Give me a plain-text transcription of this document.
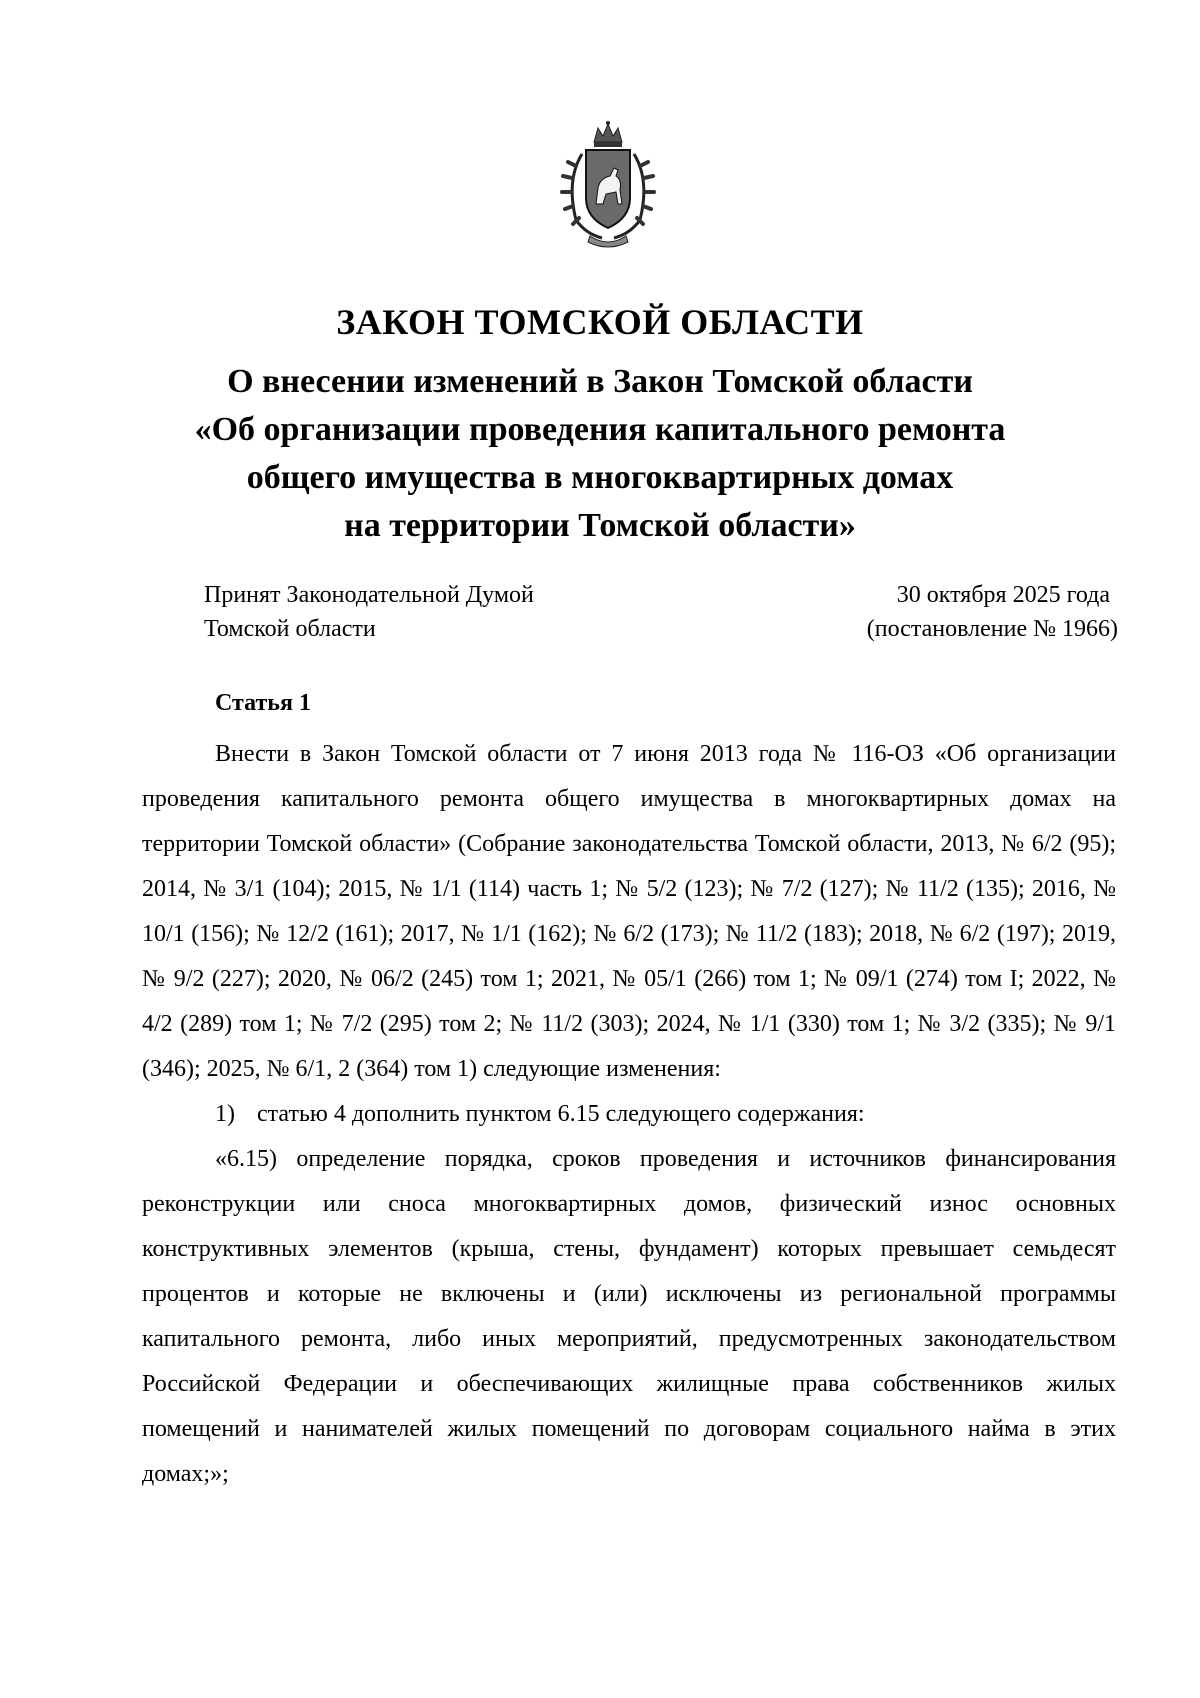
ЗАКОН ТОМСКОЙ ОБЛАСТИ
О внесении изменений в Закон Томской области
«Об организации проведения капитального ремонта
общего имущества в многоквартирных домах
на территории Томской области»
Принят Законодательной Думой
Томской области
30 октября 2025 года
(постановление № 1966)
Статья 1

Внести в Закон Томской области от 7 июня 2013 года № 116-ОЗ «Об организации проведения капитального ремонта общего имущества в многоквартирных домах на территории Томской области» (Собрание законодательства Томской области, 2013, № 6/2 (95); 2014, № 3/1 (104); 2015, № 1/1 (114) часть 1; № 5/2 (123); № 7/2 (127); № 11/2 (135); 2016, № 10/1 (156); № 12/2 (161); 2017, № 1/1 (162); № 6/2 (173); № 11/2 (183); 2018, № 6/2 (197); 2019, № 9/2 (227); 2020, № 06/2 (245) том 1; 2021, № 05/1 (266) том 1; № 09/1 (274) том I; 2022, № 4/2 (289) том 1; № 7/2 (295) том 2; № 11/2 (303); 2024, № 1/1 (330) том 1; № 3/2 (335); № 9/1 (346); 2025, № 6/1, 2 (364) том 1) следующие изменения:

1) статью 4 дополнить пунктом 6.15 следующего содержания:

«6.15) определение порядка, сроков проведения и источников финансирования реконструкции или сноса многоквартирных домов, физический износ основных конструктивных элементов (крыша, стены, фундамент) которых превышает семьдесят процентов и которые не включены и (или) исключены из региональной программы капитального ремонта, либо иных мероприятий, предусмотренных законодательством Российской Федерации и обеспечивающих жилищные права собственников жилых помещений и нанимателей жилых помещений по договорам социального найма в этих домах;»;
